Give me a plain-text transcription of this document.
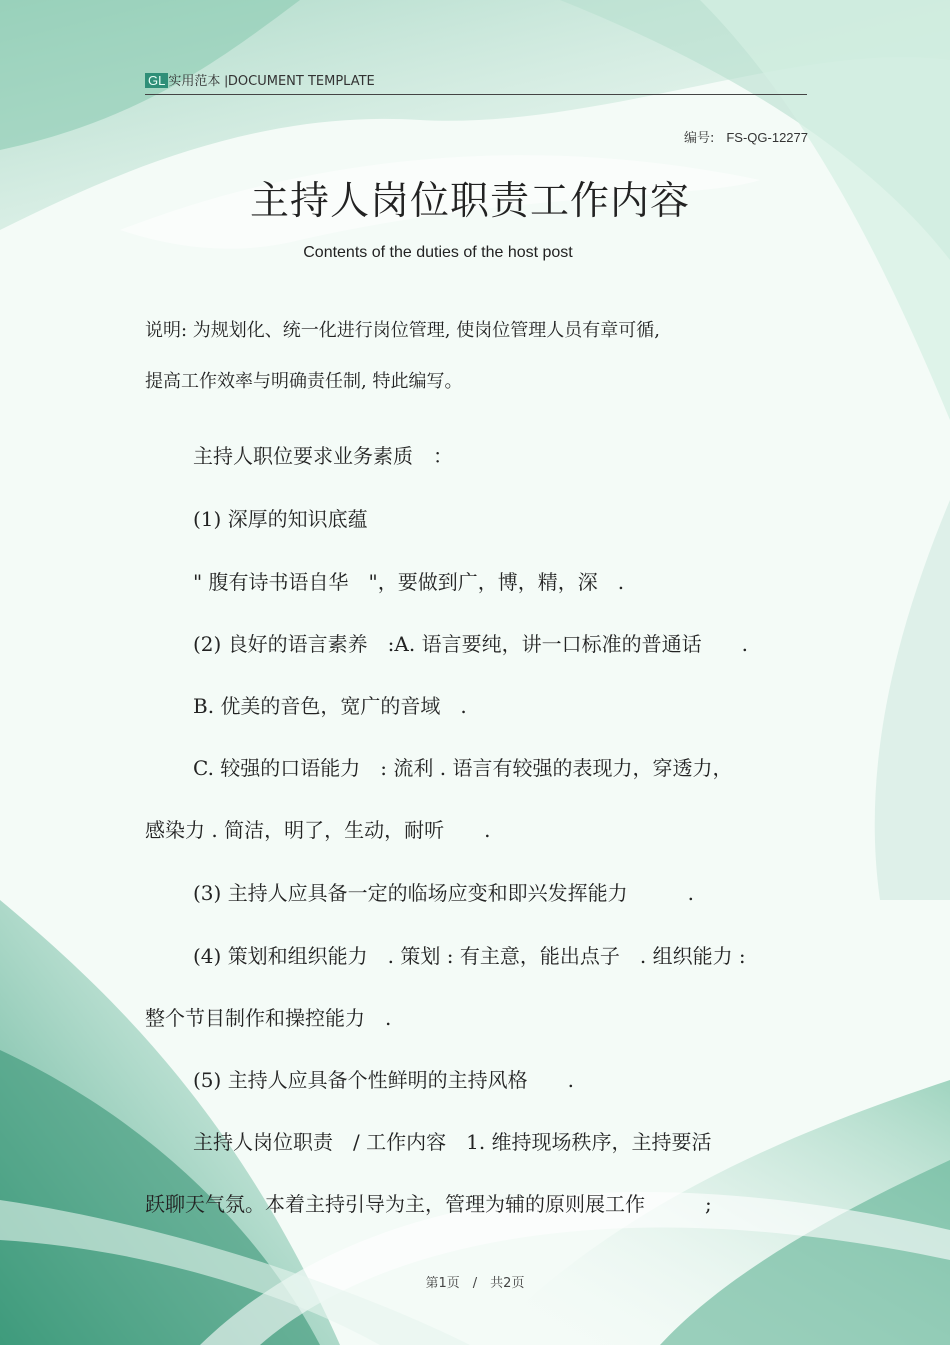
GL 实用范本 |DOCUMENT TEMPLATE
编号: FS-QG-12277
主持人岗位职责工作内容
Contents of the duties of the host post
说明: 为规划化、统一化进行岗位管理, 使岗位管理人员有章可循,
提高工作效率与明确责任制, 特此编写。
主持人职位要求业务素质　：
(1) 深厚的知识底蕴
" 腹有诗书语自华　"，要做到广，博，精，深　.
(2) 良好的语言素养　:A. 语言要纯，讲一口标准的普通话　　.
B. 优美的音色，宽广的音域　.
C. 较强的口语能力　: 流利 . 语言有较强的表现力，穿透力，
感染力 . 简洁，明了，生动，耐听　　.
(3) 主持人应具备一定的临场应变和即兴发挥能力　　　.
(4) 策划和组织能力　. 策划 : 有主意，能出点子　. 组织能力 :
整个节目制作和操控能力　.
(5) 主持人应具备个性鲜明的主持风格　　.
主持人岗位职责　/ 工作内容　1. 维持现场秩序，主持要活
跃聊天气氛。本着主持引导为主，管理为辅的原则展工作　　　;
第1页　/　共2页
